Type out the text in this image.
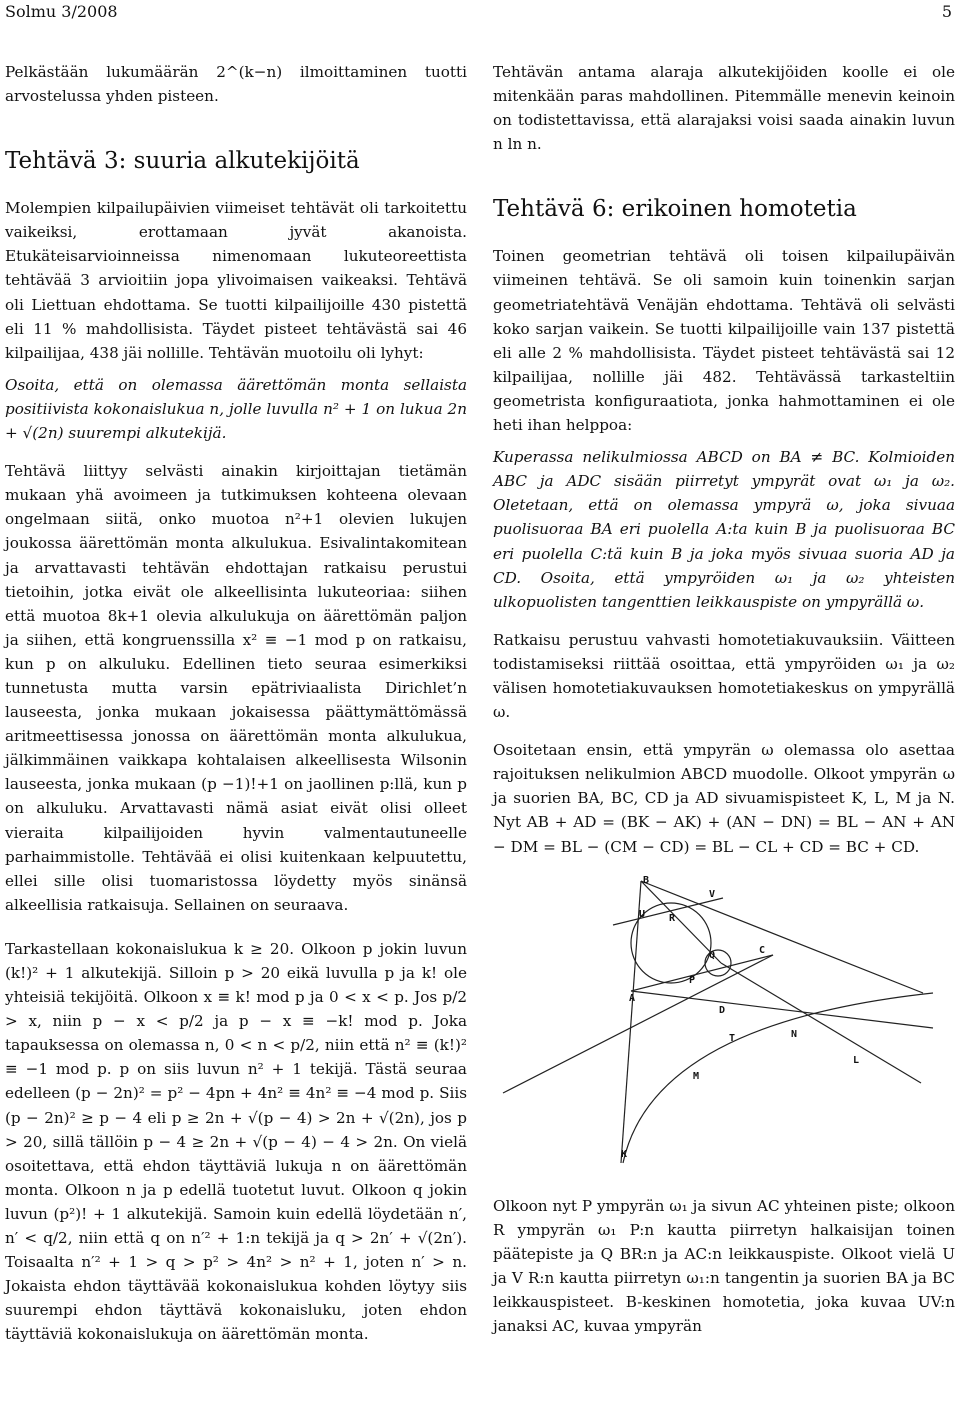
Solmu 3/2008	5

Pelkästään lukumäärän 2^(k−n) ilmoittaminen tuotti arvostelussa yhden pisteen.

Tehtävä 3: suuria alkutekijöitä

Molempien kilpailupäivien viimeiset tehtävät oli tarkoitettu vaikeiksi, erottamaan jyvät akanoista. Etukäteisarvioinneissa nimenomaan lukuteoreettista tehtävää 3 arvioitiin jopa ylivoimaisen vaikeaksi. Tehtävä oli Liettuan ehdottama. Se tuotti kilpailijoille 430 pistettä eli 11 % mahdollisista. Täydet pisteet tehtävästä sai 46 kilpailijaa, 438 jäi nollille. Tehtävän muotoilu oli lyhyt:

Osoita, että on olemassa äärettömän monta sellaista positiivista kokonaislukua n, jolle luvulla n² + 1 on lukua 2n + √(2n) suurempi alkutekijä.

Tehtävä liittyy selvästi ainakin kirjoittajan tietämän mukaan yhä avoimeen ja tutkimuksen kohteena olevaan ongelmaan siitä, onko muotoa n²+1 olevien lukujen joukossa äärettömän monta alkulukua. Esivalintakomitean ja arvattavasti tehtävän ehdottajan ratkaisu perustui tietoihin, jotka eivät ole alkeellisinta lukuteoriaa: siihen että muotoa 8k+1 olevia alkulukuja on äärettömän paljon ja siihen, että kongruenssilla x² ≡ −1 mod p on ratkaisu, kun p on alkuluku. Edellinen tieto seuraa esimerkiksi tunnetusta mutta varsin epätriviaalista Dirichlet’n lauseesta, jonka mukaan jokaisessa päättymättömässä aritmeettisessa jonossa on äärettömän monta alkulukua, jälkimmäinen vaikkapa kohtalaisen alkeellisesta Wilsonin lauseesta, jonka mukaan (p −1)!+1 on jaollinen p:llä, kun p on alkuluku. Arvattavasti nämä asiat eivät olisi olleet vieraita kilpailijoiden hyvin valmentautuneelle parhaimmistolle. Tehtävää ei olisi kuitenkaan kelpuutettu, ellei sille olisi tuomaristossa löydetty myös sinänsä alkeellisia ratkaisuja. Sellainen on seuraava.

Tarkastellaan kokonaislukua k ≥ 20. Olkoon p jokin luvun (k!)² + 1 alkutekijä. Silloin p > 20 eikä luvulla p ja k! ole yhteisiä tekijöitä. Olkoon x ≡ k! mod p ja 0 < x < p. Jos p/2 > x, niin p − x < p/2 ja p − x ≡ −k! mod p. Joka tapauksessa on olemassa n, 0 < n < p/2, niin että n² ≡ (k!)² ≡ −1 mod p. p on siis luvun n² + 1 tekijä. Tästä seuraa edelleen (p − 2n)² = p² − 4pn + 4n² ≡ 4n² ≡ −4 mod p. Siis (p − 2n)² ≥ p − 4 eli p ≥ 2n + √(p − 4) > 2n + √(2n), jos p > 20, sillä tällöin p − 4 ≥ 2n + √(p − 4) − 4 > 2n. On vielä osoitettava, että ehdon täyttäviä lukuja n on äärettömän monta. Olkoon n ja p edellä tuotetut luvut. Olkoon q jokin luvun (p²)! + 1 alkutekijä. Samoin kuin edellä löydetään n′, n′ < q/2, niin että q on n′² + 1:n tekijä ja q > 2n′ + √(2n′). Toisaalta n′² + 1 > q > p² > 4n² > n² + 1, joten n′ > n. Jokaista ehdon täyttävää kokonaislukua kohden löytyy siis suurempi ehdon täyttävä kokonaisluku, joten ehdon täyttäviä kokonaislukuja on äärettömän monta.

Tehtävän antama alaraja alkutekijöiden koolle ei ole mitenkään paras mahdollinen. Pitemmälle menevin keinoin on todistettavissa, että alarajaksi voisi saada ainakin luvun n ln n.

Tehtävä 6: erikoinen homotetia

Toinen geometrian tehtävä oli toisen kilpailupäivän viimeinen tehtävä. Se oli samoin kuin toinenkin sarjan geometriatehtävä Venäjän ehdottama. Tehtävä oli selvästi koko sarjan vaikein. Se tuotti kilpailijoille vain 137 pistettä eli alle 2 % mahdollisista. Täydet pisteet tehtävästä sai 12 kilpailijaa, nollille jäi 482. Tehtävässä tarkasteltiin geometrista konfiguraatiota, jonka hahmottaminen ei ole heti ihan helppoa:

Kuperassa nelikulmiossa ABCD on BA ≠ BC. Kolmioiden ABC ja ADC sisään piirretyt ympyrät ovat ω₁ ja ω₂. Oletetaan, että on olemassa ympyrä ω, joka sivuaa puolisuoraa BA eri puolella A:ta kuin B ja puolisuoraa BC eri puolella C:tä kuin B ja joka myös sivuaa suoria AD ja CD. Osoita, että ympyröiden ω₁ ja ω₂ yhteisten ulkopuolisten tangenttien leikkauspiste on ympyrällä ω.

Ratkaisu perustuu vahvasti homotetiakuvauksiin. Väitteen todistamiseksi riittää osoittaa, että ympyröiden ω₁ ja ω₂ välisen homotetiakuvauksen homotetiakeskus on ympyrällä ω.

Osoitetaan ensin, että ympyrän ω olemassa olo asettaa rajoituksen nelikulmion ABCD muodolle. Olkoot ympyrän ω ja suorien BA, BC, CD ja AD sivuamispisteet K, L, M ja N. Nyt AB + AD = (BK − AK) + (AN − DN) = BL − AN + AN − DM = BL − (CM − CD) = BL − CL + CD = BC + CD.

B
V
U R
C
Q
A
P
D
T	N
L
M
K

Olkoon nyt P ympyrän ω₁ ja sivun AC yhteinen piste; olkoon R ympyrän ω₁ P:n kautta piirretyn halkaisijan toinen päätepiste ja Q BR:n ja AC:n leikkauspiste. Olkoot vielä U ja V R:n kautta piirretyn ω₁:n tangentin ja suorien BA ja BC leikkauspisteet. B-keskinen homotetia, joka kuvaa UV:n janaksi AC, kuvaa ympyrän
